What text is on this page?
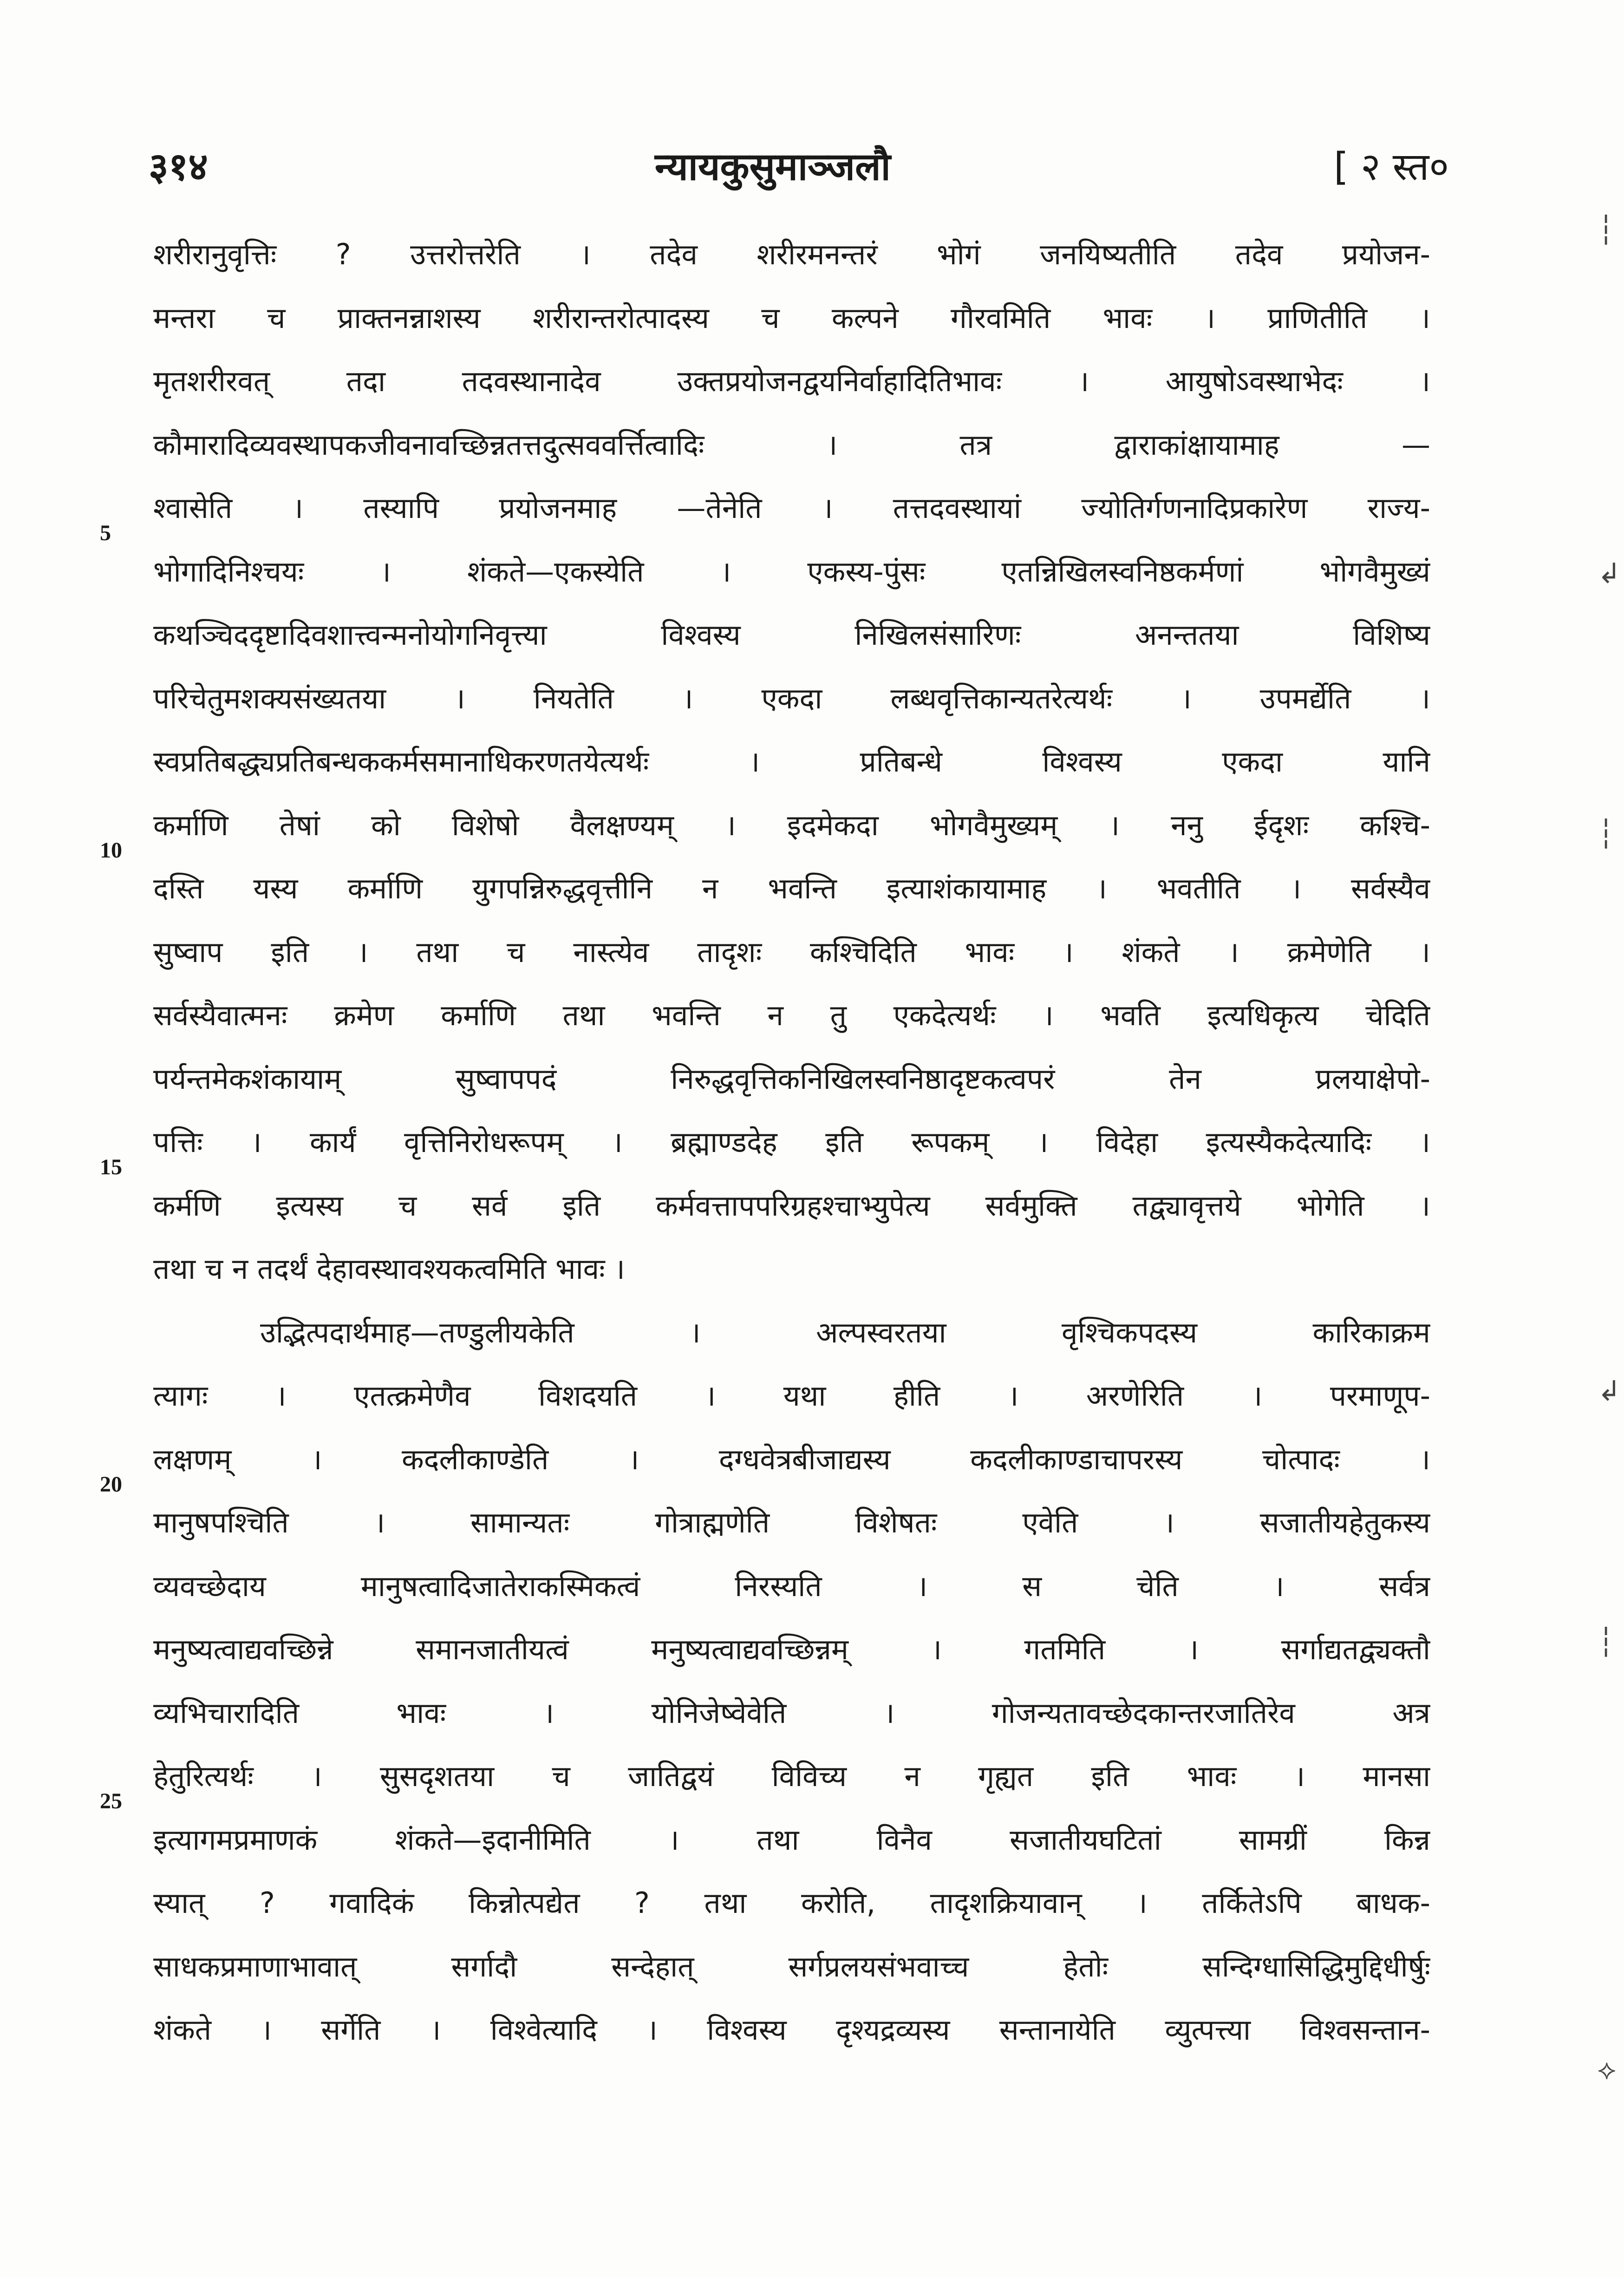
३१४	न्यायकुसुमाञ्जलौ	[ २ स्त०
5
10
15
20
25
┆
↲
┆
↲
┆
⟡
शरीरानुवृत्तिः ? उत्तरोत्तरेति । तदेव शरीरमनन्तरं भोगं जनयिष्यतीति तदेव प्रयोजन-
मन्तरा च प्राक्तनन्नाशस्य शरीरान्तरोत्पादस्य च कल्पने गौरवमिति भावः । प्राणितीति ।
मृतशरीरवत् तदा तदवस्थानादेव उक्तप्रयोजनद्वयनिर्वाहादितिभावः । आयुषोऽवस्थाभेदः ।
कौमारादिव्यवस्थापकजीवनावच्छिन्नतत्तदुत्सववर्त्तित्वादिः । तत्र द्वाराकांक्षायामाह —
श्वासेति । तस्यापि प्रयोजनमाह —तेनेति । तत्तदवस्थायां ज्योतिर्गणनादिप्रकारेण राज्य-
भोगादिनिश्चयः । शंकते—एकस्येति । एकस्य-पुंसः एतन्निखिलस्वनिष्ठकर्मणां भोगवैमुख्यं
कथञ्चिददृष्टादिवशात्त्वन्मनोयोगनिवृत्त्या विश्वस्य निखिलसंसारिणः अनन्ततया विशिष्य
परिचेतुमशक्यसंख्यतया । नियतेति । एकदा लब्धवृत्तिकान्यतरेत्यर्थः । उपमर्द्येति ।
स्वप्रतिबद्ध्यप्रतिबन्धककर्मसमानाधिकरणतयेत्यर्थः । प्रतिबन्धे विश्वस्य एकदा यानि
कर्माणि तेषां को विशेषो वैलक्षण्यम् । इदमेकदा भोगवैमुख्यम् । ननु ईदृशः कश्चि-
दस्ति यस्य कर्माणि युगपन्निरुद्धवृत्तीनि न भवन्ति इत्याशंकायामाह । भवतीति । सर्वस्यैव
सुष्वाप इति । तथा च नास्त्येव तादृशः कश्चिदिति भावः । शंकते । क्रमेणेति ।
सर्वस्यैवात्मनः क्रमेण कर्माणि तथा भवन्ति न तु एकदेत्यर्थः । भवति इत्यधिकृत्य चेदिति
पर्यन्तमेकशंकायाम् सुष्वापपदं निरुद्धवृत्तिकनिखिलस्वनिष्ठादृष्टकत्वपरं तेन प्रलयाक्षेपो-
पत्तिः । कार्यं वृत्तिनिरोधरूपम् । ब्रह्माण्डदेह इति रूपकम् । विदेहा इत्यस्यैकदेत्यादिः ।
कर्मणि इत्यस्य च सर्व इति कर्मवत्तापपरिग्रहश्चाभ्युपेत्य सर्वमुक्ति तद्व्यावृत्तये भोगेति ।
तथा च न तदर्थं देहावस्थावश्यकत्वमिति भावः ।
उद्भित्पदार्थमाह—तण्डुलीयकेति । अल्पस्वरतया वृश्चिकपदस्य कारिकाक्रम
त्यागः । एतत्क्रमेणैव विशदयति । यथा हीति । अरणेरिति । परमाणूप-
लक्षणम् । कदलीकाण्डेति । दग्धवेत्रबीजाद्यस्य कदलीकाण्डाचापरस्य चोत्पादः ।
मानुषपश्चिति । सामान्यतः गोत्राह्मणेति विशेषतः एवेति । सजातीयहेतुकस्य
व्यवच्छेदाय मानुषत्वादिजातेराकस्मिकत्वं निरस्यति । स चेति । सर्वत्र
मनुष्यत्वाद्यवच्छिन्ने समानजातीयत्वं मनुष्यत्वाद्यवच्छिन्नम् । गतमिति । सर्गाद्यतद्व्यक्तौ
व्यभिचारादिति भावः । योनिजेष्वेवेति । गोजन्यतावच्छेदकान्तरजातिरेव अत्र
हेतुरित्यर्थः । सुसदृशतया च जातिद्वयं विविच्य न गृह्यत इति भावः । मानसा
इत्यागमप्रमाणकं शंकते—इदानीमिति । तथा विनैव सजातीयघटितां सामग्रीं किन्न
स्यात् ? गवादिकं किन्नोत्पद्येत ? तथा करोति, तादृशक्रियावान् । तर्कितेऽपि बाधक-
साधकप्रमाणाभावात् सर्गादौ सन्देहात् सर्गप्रलयसंभवाच्च हेतोः सन्दिग्धासिद्धिमुद्दिधीर्षुः
शंकते । सर्गेति । विश्वेत्यादि । विश्वस्य दृश्यद्रव्यस्य सन्तानायेति व्युत्पत्त्या विश्वसन्तान-
